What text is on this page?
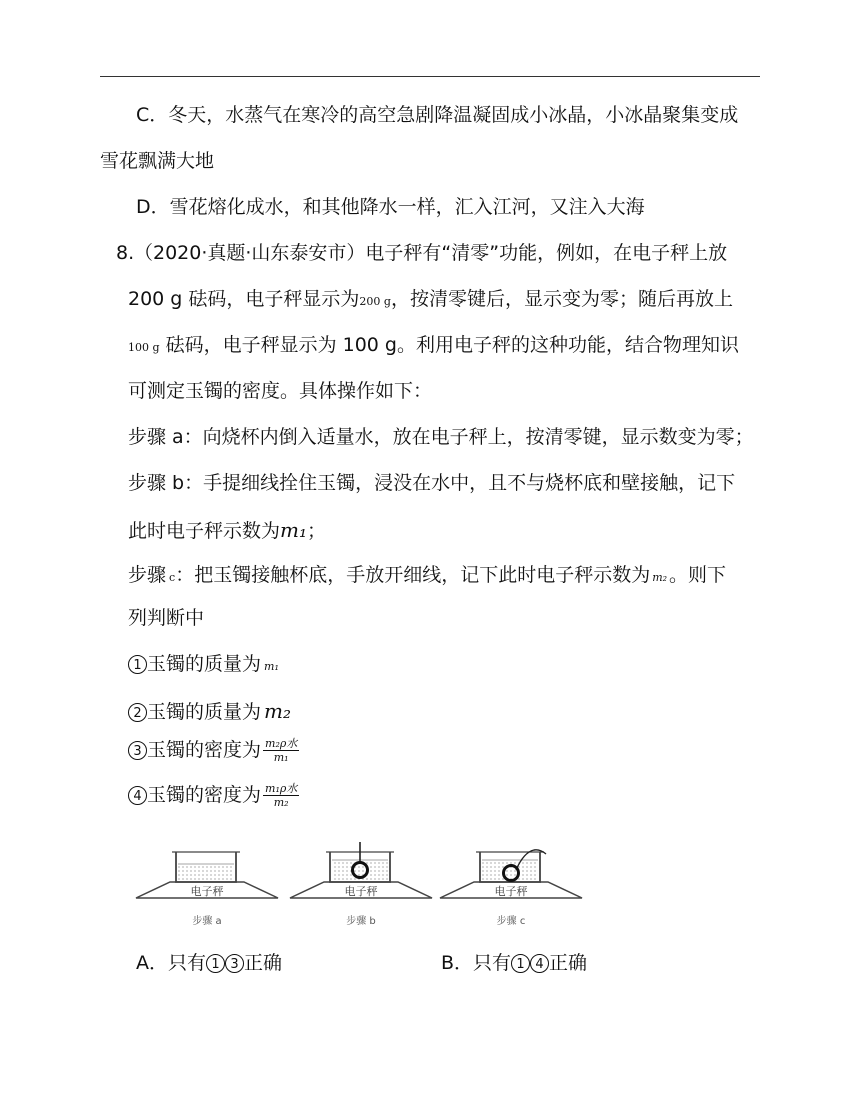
C．冬天，水蒸气在寒冷的高空急剧降温凝固成小冰晶，小冰晶聚集变成
雪花飘满大地
D．雪花熔化成水，和其他降水一样，汇入江河，又注入大海
8. （2020·真题·山东泰安市）电子秤有“清零”功能，例如，在电子秤上放
200 g 砝码，电子秤显示为200 g，按清零键后，显示变为零；随后再放上
100 g 砝码，电子秤显示为 100 g。利用电子秤的这种功能，结合物理知识
可测定玉镯的密度。具体操作如下：
步骤 a：向烧杯内倒入适量水，放在电子秤上，按清零键，显示数变为零；
步骤 b：手提细线拴住玉镯，浸没在水中，且不与烧杯底和壁接触，记下
此时电子秤示数为m₁；
步骤 c：把玉镯接触杯底，手放开细线，记下此时电子秤示数为 m₂ 。则下
列判断中
1 玉镯的质量为 m₁
2 玉镯的质量为 m₂
3 玉镯的密度为 $\frac{\text{m₂ρ水}}{\text{m₁}}$
4 玉镯的密度为 $\frac{\text{m₁ρ水}}{\text{m₂}}$
电子秤
步骤 a
电子秤
步骤 b
电子秤
步骤 c
A．只有 1 3 正确	B．只有 1 4 正确
